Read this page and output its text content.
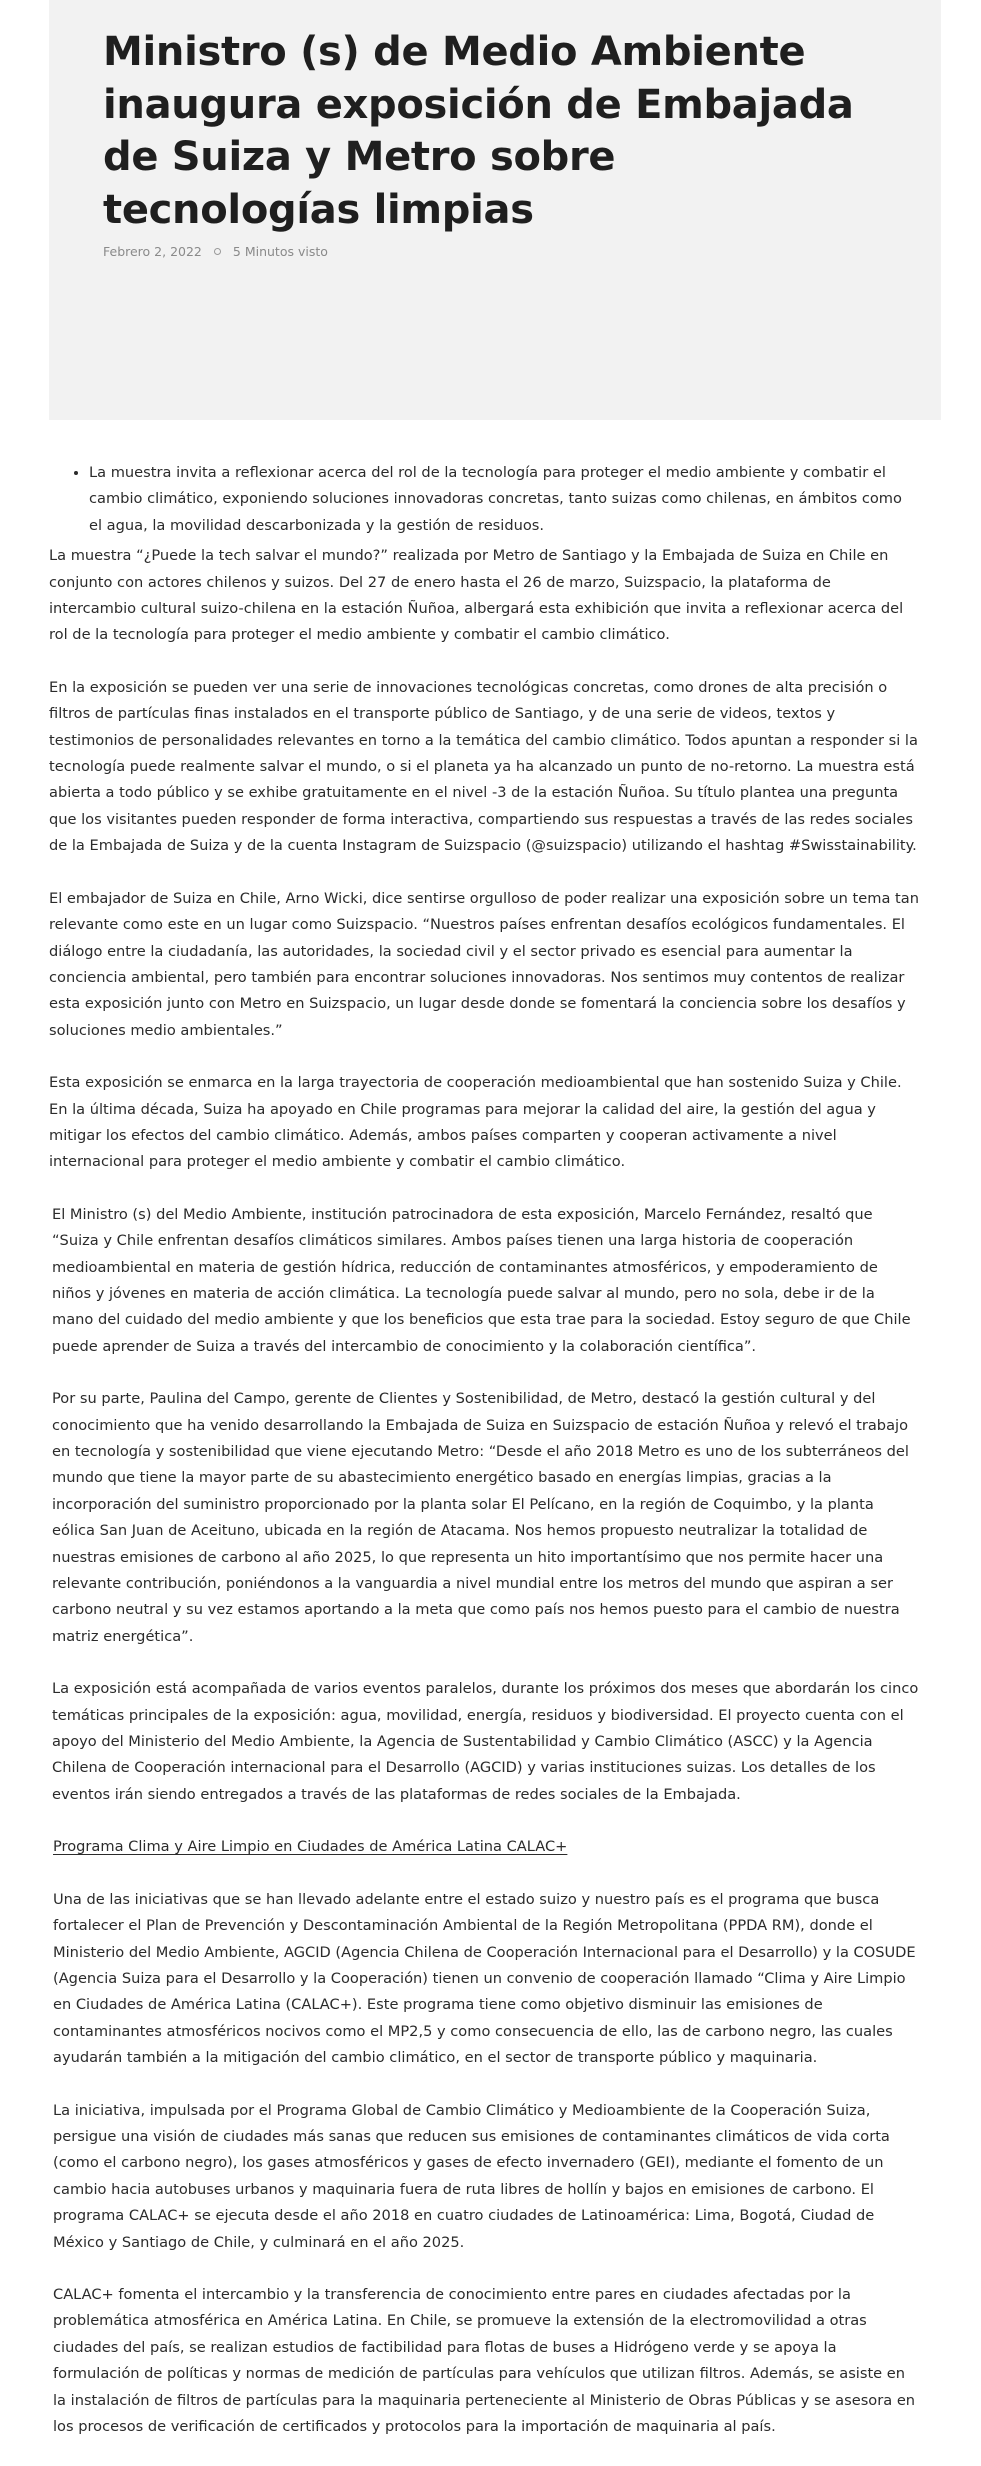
Ministro (s) de Medio Ambiente inaugura exposición de Embajada de Suiza y Metro sobre tecnologías limpias
Febrero 2, 2022 5 Minutos visto
• La muestra invita a reflexionar acerca del rol de la tecnología para proteger el medio ambiente y combatir el cambio climático, exponiendo soluciones innovadoras concretas, tanto suizas como chilenas, en ámbitos como el agua, la movilidad descarbonizada y la gestión de residuos.

La muestra “¿Puede la tech salvar el mundo?” realizada por Metro de Santiago y la Embajada de Suiza en Chile en conjunto con actores chilenos y suizos. Del 27 de enero hasta el 26 de marzo, Suizspacio, la plataforma de intercambio cultural suizo-chilena en la estación Ñuñoa, albergará esta exhibición que invita a reflexionar acerca del rol de la tecnología para proteger el medio ambiente y combatir el cambio climático.

En la exposición se pueden ver una serie de innovaciones tecnológicas concretas, como drones de alta precisión o filtros de partículas finas instalados en el transporte público de Santiago, y de una serie de videos, textos y testimonios de personalidades relevantes en torno a la temática del cambio climático. Todos apuntan a responder si la tecnología puede realmente salvar el mundo, o si el planeta ya ha alcanzado un punto de no-retorno. La muestra está abierta a todo público y se exhibe gratuitamente en el nivel -3 de la estación Ñuñoa. Su título plantea una pregunta que los visitantes pueden responder de forma interactiva, compartiendo sus respuestas a través de las redes sociales de la Embajada de Suiza y de la cuenta Instagram de Suizspacio (@suizspacio) utilizando el hashtag #Swisstainability.

El embajador de Suiza en Chile, Arno Wicki, dice sentirse orgulloso de poder realizar una exposición sobre un tema tan relevante como este en un lugar como Suizspacio. “Nuestros países enfrentan desafíos ecológicos fundamentales. El diálogo entre la ciudadanía, las autoridades, la sociedad civil y el sector privado es esencial para aumentar la conciencia ambiental, pero también para encontrar soluciones innovadoras. Nos sentimos muy contentos de realizar esta exposición junto con Metro en Suizspacio, un lugar desde donde se fomentará la conciencia sobre los desafíos y soluciones medio ambientales.”

Esta exposición se enmarca en la larga trayectoria de cooperación medioambiental que han sostenido Suiza y Chile. En la última década, Suiza ha apoyado en Chile programas para mejorar la calidad del aire, la gestión del agua y mitigar los efectos del cambio climático. Además, ambos países comparten y cooperan activamente a nivel internacional para proteger el medio ambiente y combatir el cambio climático.

El Ministro (s) del Medio Ambiente, institución patrocinadora de esta exposición, Marcelo Fernández, resaltó que “Suiza y Chile enfrentan desafíos climáticos similares. Ambos países tienen una larga historia de cooperación medioambiental en materia de gestión hídrica, reducción de contaminantes atmosféricos, y empoderamiento de niños y jóvenes en materia de acción climática. La tecnología puede salvar al mundo, pero no sola, debe ir de la mano del cuidado del medio ambiente y que los beneficios que esta trae para la sociedad. Estoy seguro de que Chile puede aprender de Suiza a través del intercambio de conocimiento y la colaboración científica”.

Por su parte, Paulina del Campo, gerente de Clientes y Sostenibilidad, de Metro, destacó la gestión cultural y del conocimiento que ha venido desarrollando la Embajada de Suiza en Suizspacio de estación Ñuñoa y relevó el trabajo en tecnología y sostenibilidad que viene ejecutando Metro: “Desde el año 2018 Metro es uno de los subterráneos del mundo que tiene la mayor parte de su abastecimiento energético basado en energías limpias, gracias a la incorporación del suministro proporcionado por la planta solar El Pelícano, en la región de Coquimbo, y la planta eólica San Juan de Aceituno, ubicada en la región de Atacama. Nos hemos propuesto neutralizar la totalidad de nuestras emisiones de carbono al año 2025, lo que representa un hito importantísimo que nos permite hacer una relevante contribución, poniéndonos a la vanguardia a nivel mundial entre los metros del mundo que aspiran a ser carbono neutral y su vez estamos aportando a la meta que como país nos hemos puesto para el cambio de nuestra matriz energética”.

La exposición está acompañada de varios eventos paralelos, durante los próximos dos meses que abordarán los cinco temáticas principales de la exposición: agua, movilidad, energía, residuos y biodiversidad. El proyecto cuenta con el apoyo del Ministerio del Medio Ambiente, la Agencia de Sustentabilidad y Cambio Climático (ASCC) y la Agencia Chilena de Cooperación internacional para el Desarrollo (AGCID) y varias instituciones suizas. Los detalles de los eventos irán siendo entregados a través de las plataformas de redes sociales de la Embajada.

Programa Clima y Aire Limpio en Ciudades de América Latina CALAC+

Una de las iniciativas que se han llevado adelante entre el estado suizo y nuestro país es el programa que busca fortalecer el Plan de Prevención y Descontaminación Ambiental de la Región Metropolitana (PPDA RM), donde el Ministerio del Medio Ambiente, AGCID (Agencia Chilena de Cooperación Internacional para el Desarrollo) y la COSUDE (Agencia Suiza para el Desarrollo y la Cooperación) tienen un convenio de cooperación llamado “Clima y Aire Limpio en Ciudades de América Latina (CALAC+). Este programa tiene como objetivo disminuir las emisiones de contaminantes atmosféricos nocivos como el MP2,5 y como consecuencia de ello, las de carbono negro, las cuales ayudarán también a la mitigación del cambio climático, en el sector de transporte público y maquinaria.

La iniciativa, impulsada por el Programa Global de Cambio Climático y Medioambiente de la Cooperación Suiza, persigue una visión de ciudades más sanas que reducen sus emisiones de contaminantes climáticos de vida corta (como el carbono negro), los gases atmosféricos y gases de efecto invernadero (GEI), mediante el fomento de un cambio hacia autobuses urbanos y maquinaria fuera de ruta libres de hollín y bajos en emisiones de carbono. El programa CALAC+ se ejecuta desde el año 2018 en cuatro ciudades de Latinoamérica: Lima, Bogotá, Ciudad de México y Santiago de Chile, y culminará en el año 2025.

CALAC+ fomenta el intercambio y la transferencia de conocimiento entre pares en ciudades afectadas por la problemática atmosférica en América Latina. En Chile, se promueve la extensión de la electromovilidad a otras ciudades del país, se realizan estudios de factibilidad para flotas de buses a Hidrógeno verde y se apoya la formulación de políticas y normas de medición de partículas para vehículos que utilizan filtros. Además, se asiste en la instalación de filtros de partículas para la maquinaria perteneciente al Ministerio de Obras Públicas y se asesora en los procesos de verificación de certificados y protocolos para la importación de maquinaria al país.
